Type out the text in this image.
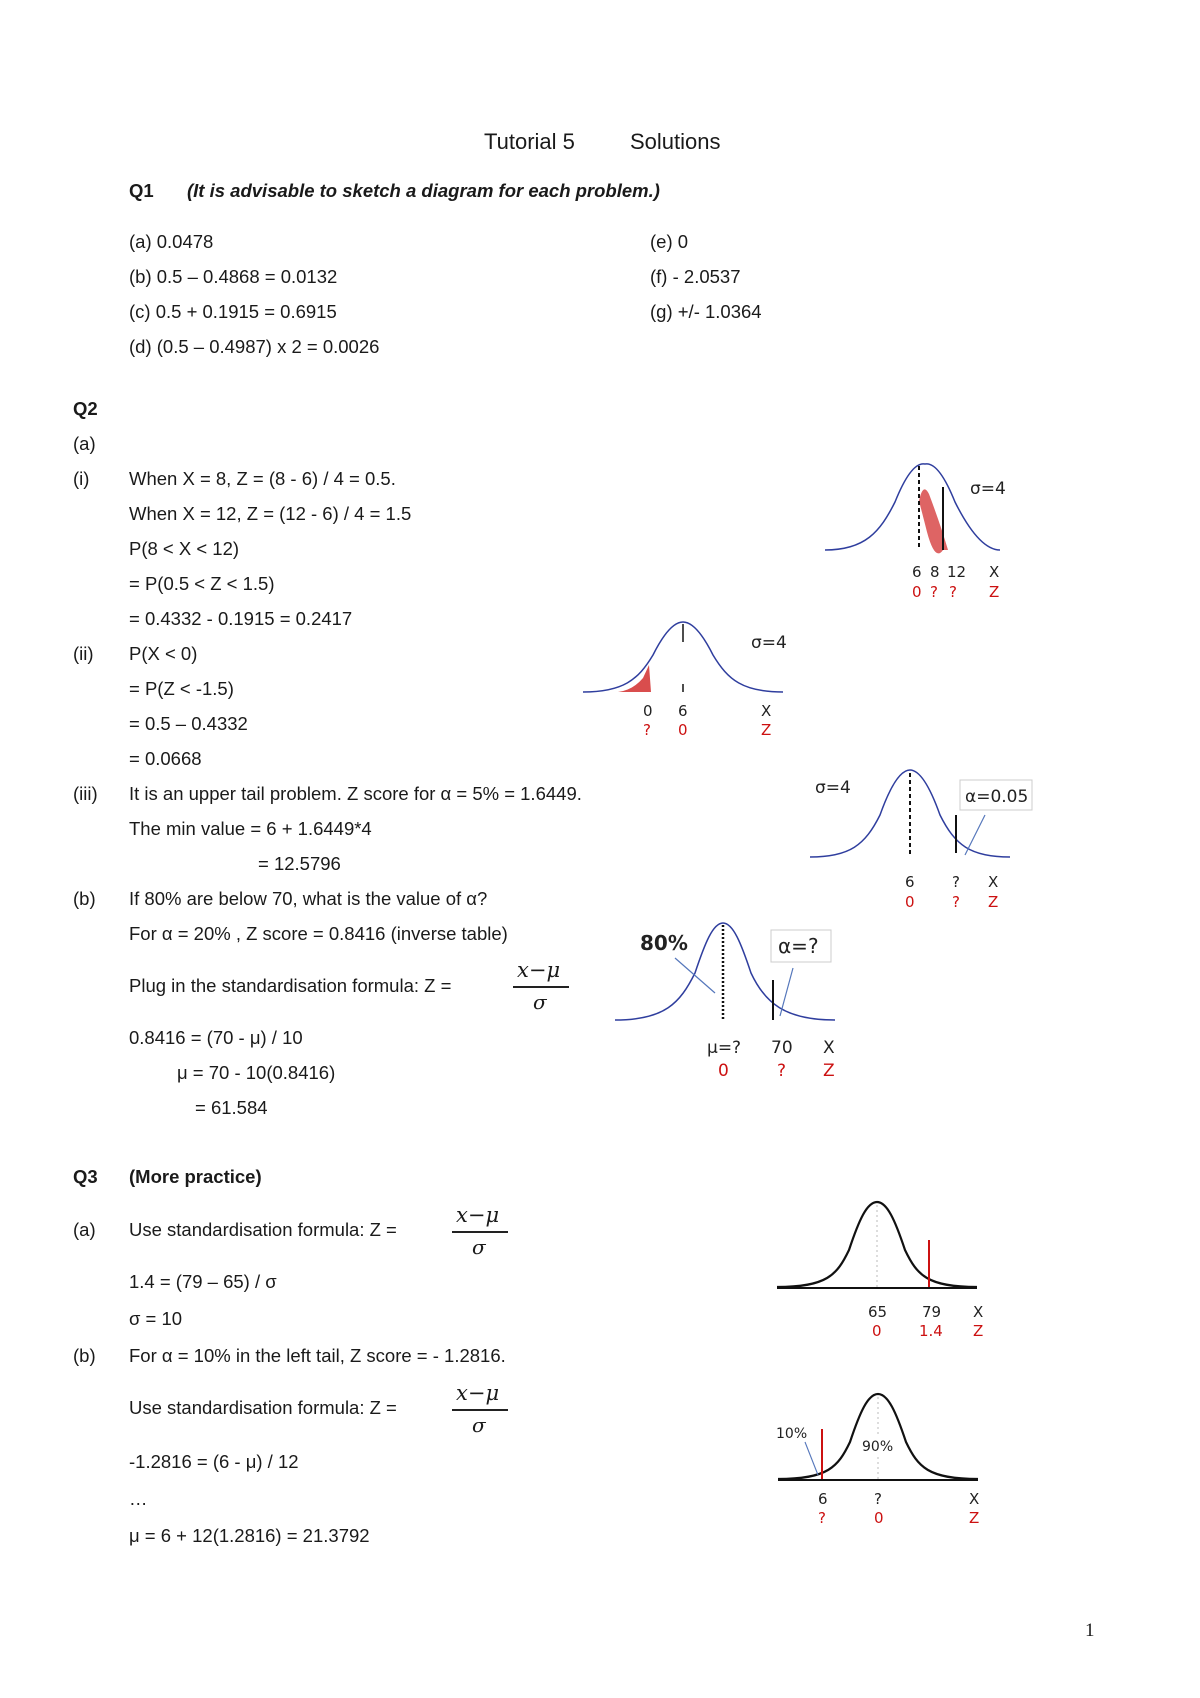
Tutorial 5	Solutions
Q1 (It is advisable to sketch a diagram for each problem.)
(a) 0.0478
(b) 0.5 – 0.4868 = 0.0132
(c) 0.5 + 0.1915 = 0.6915
(d) (0.5 – 0.4987) x 2 = 0.0026
(e) 0
(f) - 2.0537
(g) +/- 1.0364
Q2
(a)
(i) When X = 8, Z = (8 - 6) / 4 = 0.5.
When X = 12, Z = (12 - 6) / 4 = 1.5
P(8 < X < 12)
= P(0.5 < Z < 1.5)
= 0.4332 - 0.1915 = 0.2417
(ii) P(X < 0)
= P(Z < -1.5)
= 0.5 – 0.4332
= 0.0668
(iii) It is an upper tail problem. Z score for α = 5% = 1.6449.
The min value = 6 + 1.6449*4
= 12.5796
(b) If 80% are below 70, what is the value of α?
For α = 20% , Z score = 0.8416 (inverse table)
Plug in the standardisation formula: Z =
x−μ
σ
0.8416 = (70 - μ) / 10
μ = 70 - 10(0.8416)
= 61.584
Q3 (More practice)
(a) Use standardisation formula: Z =
x−μ
σ
1.4 = (79 – 65) / σ
σ = 10
(b) For α = 10% in the left tail, Z score = - 1.2816.
Use standardisation formula: Z =
x−μ
σ
-1.2816 = (6 - μ) / 12
…
μ = 6 + 12(1.2816) = 21.3792
1
σ=4
6 8 12 X
0 ? ? Z
σ=4
0 6	X
? 0	Z
α=0.05
σ=4
6 ? X
0 ? Z
80%	α=?
μ=? 70 X
0	? Z
65 79 X
0 1.4 Z
10%
90%
6	?	X
?	0	Z
